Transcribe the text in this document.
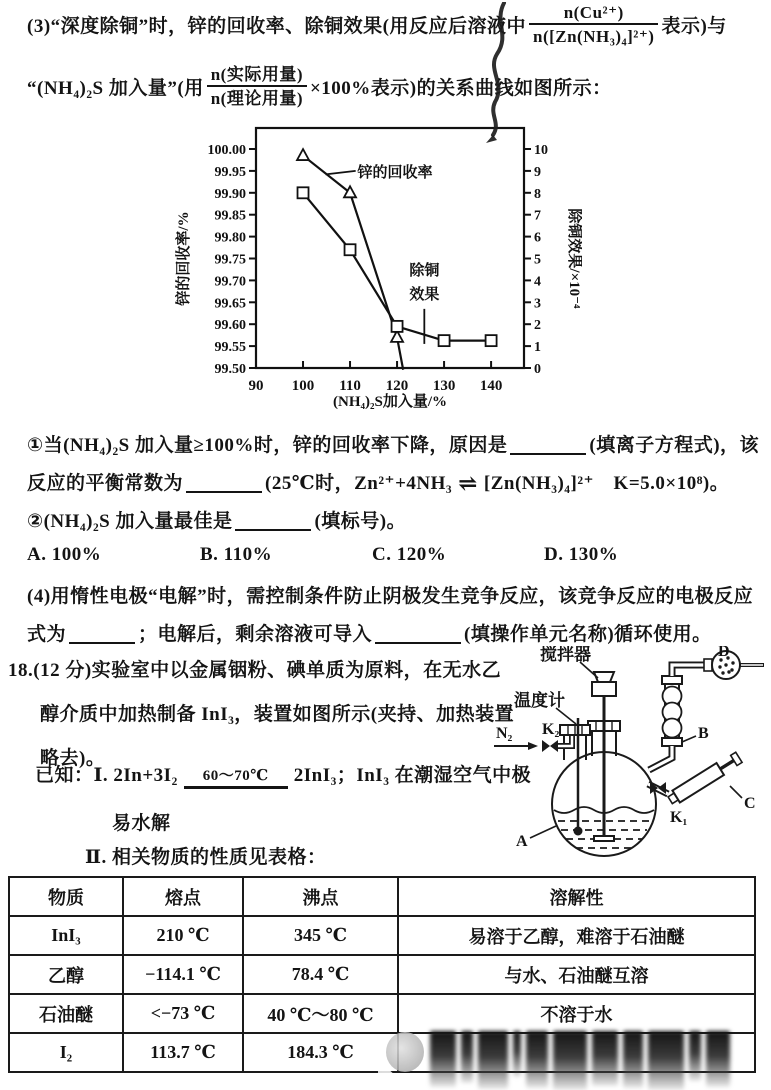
(3)“深度除铜”时，锌的回收率、除铜效果(用反应后溶液中 $\frac{\text{n(Cu²⁺)}}{\text{n([Zn(NH₃)₄]²⁺)}}$ 表示)与
“(NH₄)₂S 加入量”(用 $\frac{\text{n(实际用量)}}{\text{n(理论用量)}} \times 100\%$表示)的关系曲线如图所示：
100.00
99.95
99.90
99.85
99.80
99.75
99.70
99.65
99.60
99.55
99.50
10
9
8
7
6
5
4
3
2
1
0
90 100 110 120 130 140
(NH₄)₂S加入量/%
锌的回收率/%	除铜效果/×10⁻⁴
锌的回收率
除铜
效果
①当(NH₄)₂S 加入量≥100%时，锌的回收率下降，原因是	(填离子方程式)，该
反应的平衡常数为	(25℃时，Zn²⁺+4NH₃ ⇌ [Zn(NH₃)₄]²⁺　K=5.0×10⁸)。
②(NH₄)₂S 加入量最佳是	(填标号)。
A. 100%	B. 110%	C. 120%	D. 130%
(4)用惰性电极“电解”时，需控制条件防止阴极发生竞争反应，该竞争反应的电极反应
式为	；电解后，剩余溶液可导入	(填操作单元名称)循环使用。
18.(12 分)实验室中以金属铟粉、碘单质为原料，在无水乙
醇介质中加热制备 InI₃，装置如图所示(夹持、加热装置
略去)。
已知：Ⅰ. 2In+3I₂	60～70℃	2InI₃；InI₃ 在潮湿空气中极
易水解
Ⅱ. 相关物质的性质见表格：
搅拌器
温度计
N₂ K₂
A
B
C
K₁
D
物质	熔点	沸点	溶解性
InI₃	210 ℃	345 ℃	易溶于乙醇，难溶于石油醚
乙醇	−114.1 ℃	78.4 ℃	与水、石油醚互溶
石油醚	<−73 ℃	40 ℃～80 ℃	不溶于水
I₂	113.7 ℃	184.3 ℃	
